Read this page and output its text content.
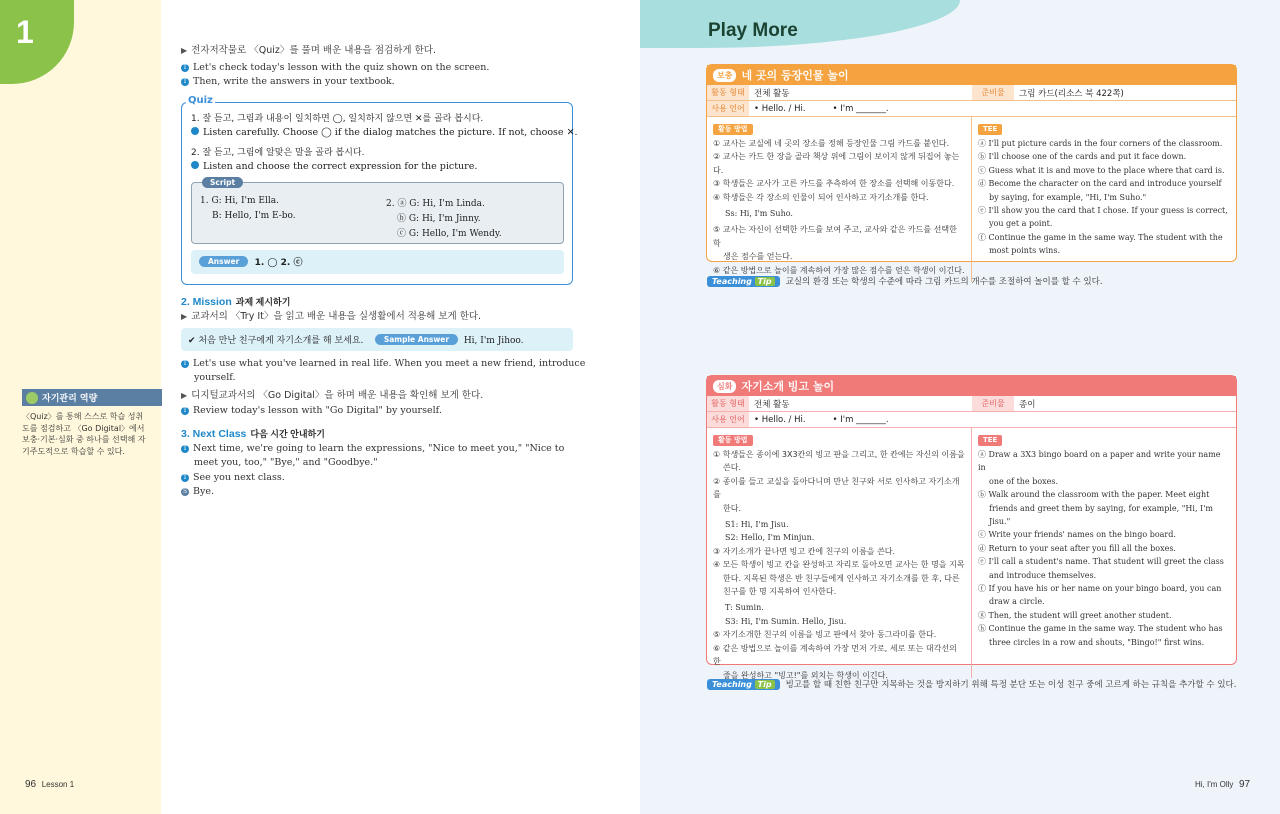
1
자기관리 역량
〈Quiz〉를 통해 스스로 학습 성취도를 점검하고 〈Go Digital〉에서 보충·기본·심화 중 하나를 선택해 자기주도적으로 학습할 수 있다.
96 Lesson 1
▶ 전자저작물로 〈Quiz〉를 풀며 배운 내용을 점검하게 한다.
T Let's check today's lesson with the quiz shown on the screen.
T Then, write the answers in your textbook.
Quiz
1. 잘 듣고, 그림과 내용이 일치하면 ◯, 일치하지 않으면 ✕를 골라 봅시다.
Listen carefully. Choose ◯ if the dialog matches the picture. If not, choose ✕.
2. 잘 듣고, 그림에 알맞은 말을 골라 봅시다.
Listen and choose the correct expression for the picture.
Script
1. G: Hi, I'm Ella.
B: Hello, I'm E-bo.
2. ⓐ G: Hi, I'm Linda.
ⓑ G: Hi, I'm Jinny.
ⓒ G: Hello, I'm Wendy.
Answer 1. ◯ 2. ⓒ
2. Mission 과제 제시하기
▶ 교과서의 〈Try It〉을 읽고 배운 내용을 실생활에서 적용해 보게 한다.
✔ 처음 만난 친구에게 자기소개를 해 보세요.	Sample Answer Hi, I'm Jihoo.
T Let's use what you've learned in real life. When you meet a new friend, introduce
yourself.
▶ 디지털교과서의 〈Go Digital〉을 하며 배운 내용을 확인해 보게 한다.
T Review today's lesson with "Go Digital" by yourself.
3. Next Class 다음 시간 안내하기
T Next time, we're going to learn the expressions, "Nice to meet you," "Nice to
meet you, too," "Bye," and "Goodbye."
T See you next class.
S Bye.
Play More
보충 네 곳의 등장인물 놀이
활동 형태	전체 활동	준비물	그림 카드(리소스 북 422쪽)
사용 언어	• Hello. / Hi.          • I'm _______.
활동 방법
① 교사는 교실에 네 곳의 장소를 정해 등장인물 그림 카드를 붙인다.
② 교사는 카드 한 장을 골라 책상 위에 그림이 보이지 않게 뒤집어 놓는다.
③ 학생들은 교사가 고른 카드를 추측하여 한 장소를 선택해 이동한다.
④ 학생들은 각 장소의 인물이 되어 인사하고 자기소개를 한다.
Ss: Hi, I'm Suho.
⑤ 교사는 자신이 선택한 카드를 보여 주고, 교사와 같은 카드를 선택한 학
생은 점수를 얻는다.
⑥ 같은 방법으로 놀이를 계속하여 가장 많은 점수를 얻은 학생이 이긴다.
TEE
ⓐ I'll put picture cards in the four corners of the classroom.
ⓑ I'll choose one of the cards and put it face down.
ⓒ Guess what it is and move to the place where that card is.
ⓓ Become the character on the card and introduce yourself
by saying, for example, "Hi, I'm Suho."
ⓔ I'll show you the card that I chose. If your guess is correct,
you get a point.
ⓕ Continue the game in the same way. The student with the
most points wins.
Teaching Tip 교실의 환경 또는 학생의 수준에 따라 그림 카드의 개수를 조절하여 놀이를 할 수 있다.
심화 자기소개 빙고 놀이
활동 형태	전체 활동	준비물	종이
사용 언어	• Hello. / Hi.          • I'm _______.
활동 방법
① 학생들은 종이에 3X3칸의 빙고 판을 그리고, 한 칸에는 자신의 이름을
쓴다.
② 종이를 들고 교실을 돌아다니며 만난 친구와 서로 인사하고 자기소개를
한다.
S1: Hi, I'm Jisu.
S2: Hello, I'm Minjun.
③ 자기소개가 끝나면 빙고 칸에 친구의 이름을 쓴다.
④ 모든 학생이 빙고 칸을 완성하고 자리로 돌아오면 교사는 한 명을 지목
한다. 지목된 학생은 반 친구들에게 인사하고 자기소개를 한 후, 다른
친구를 한 명 지목하여 인사한다.
T: Sumin.
S3: Hi, I'm Sumin. Hello, Jisu.
⑤ 자기소개한 친구의 이름을 빙고 판에서 찾아 동그라미를 한다.
⑥ 같은 방법으로 놀이를 계속하여 가장 먼저 가로, 세로 또는 대각선의 한
줄을 완성하고 "빙고!"를 외치는 학생이 이긴다.
TEE
ⓐ Draw a 3X3 bingo board on a paper and write your name in
one of the boxes.
ⓑ Walk around the classroom with the paper. Meet eight
friends and greet them by saying, for example, "Hi, I'm Jisu."
ⓒ Write your friends' names on the bingo board.
ⓓ Return to your seat after you fill all the boxes.
ⓔ I'll call a student's name. That student will greet the class
and introduce themselves.
ⓕ If you have his or her name on your bingo board, you can
draw a circle.
ⓖ Then, the student will greet another student.
ⓗ Continue the game in the same way. The student who has
three circles in a row and shouts, "Bingo!" first wins.
Teaching Tip 빙고를 할 때 친한 친구만 지목하는 것을 방지하기 위해 특정 분단 또는 이성 친구 중에 고르게 하는 규칙을 추가할 수 있다.
Hi, I'm Olly 97
